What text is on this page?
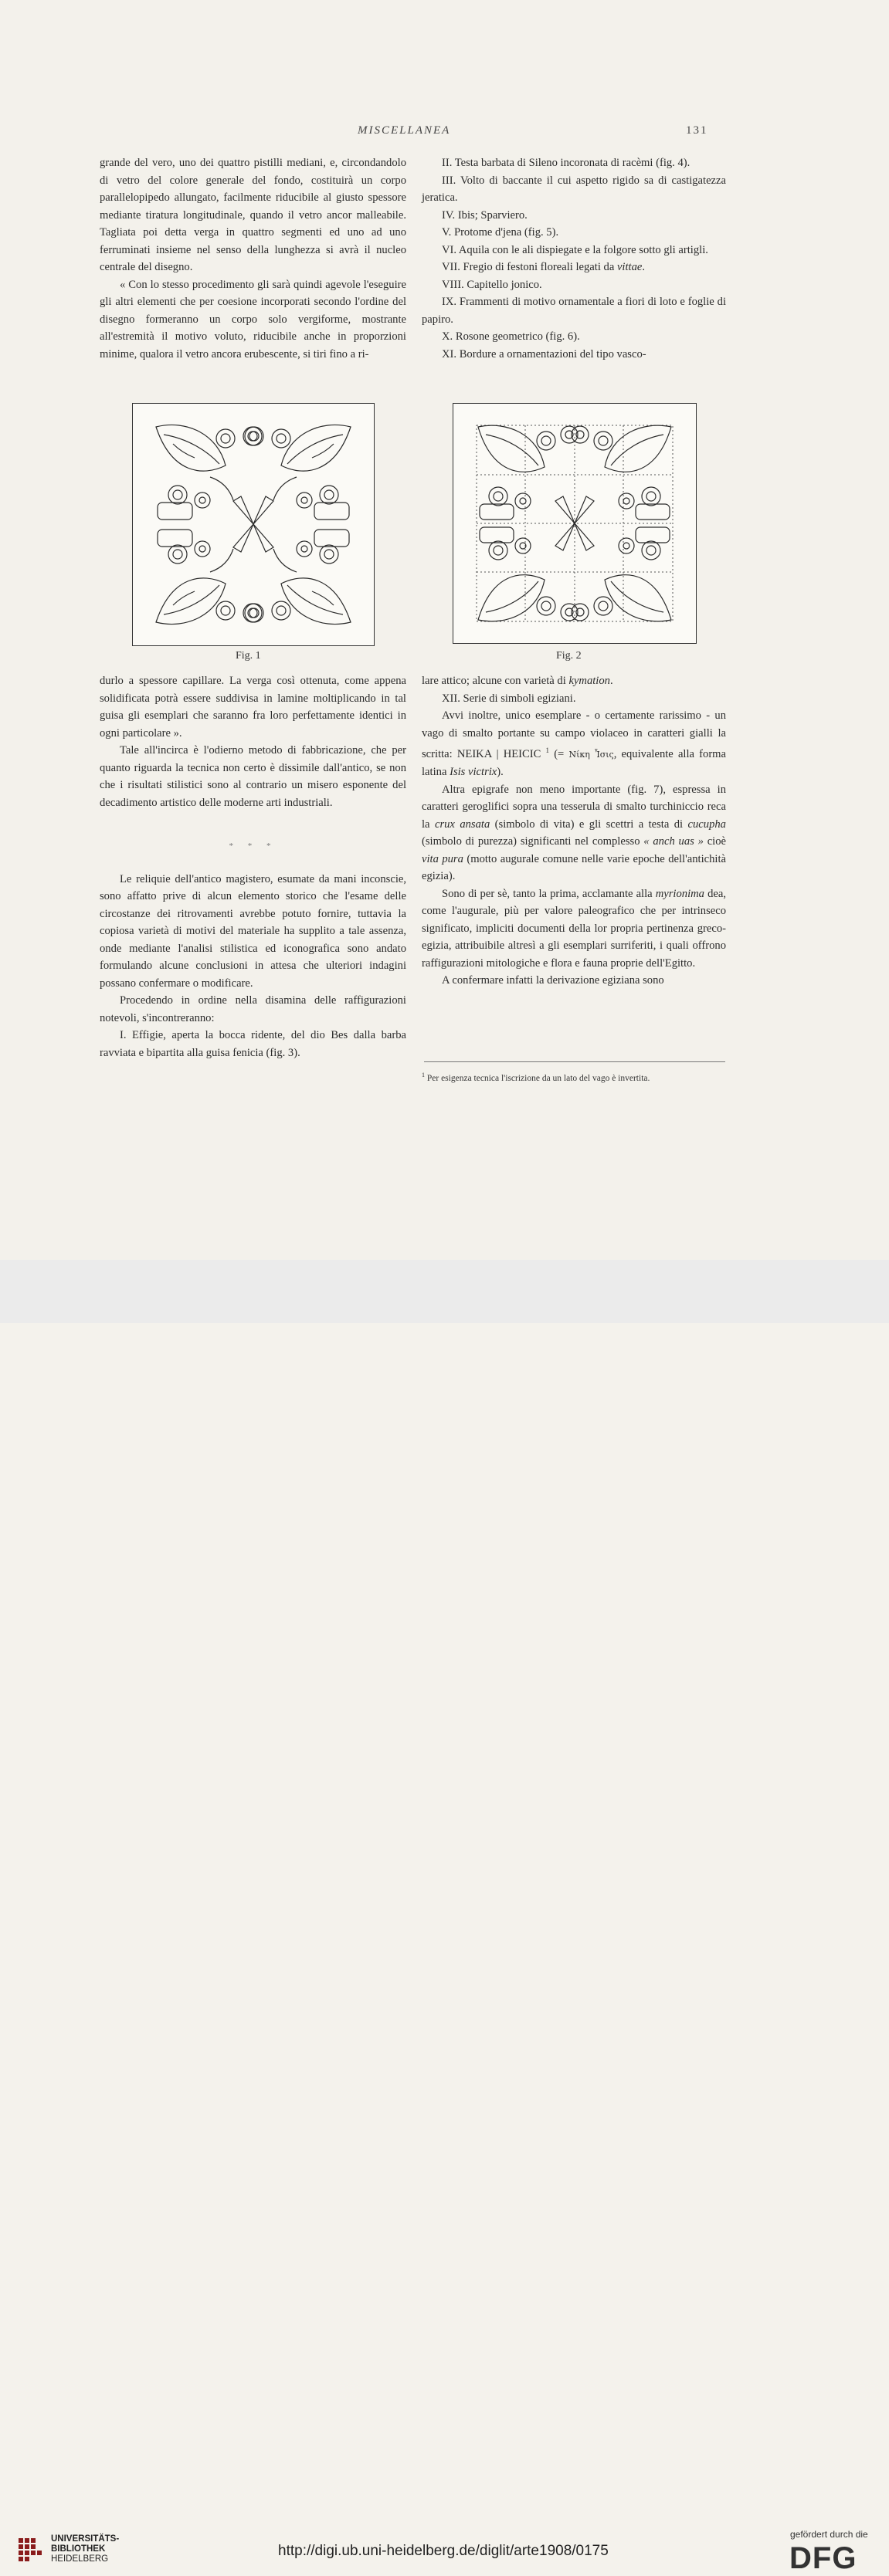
MISCELLANEA	131

grande del vero, uno dei quattro pistilli mediani, e, circondandolo di vetro del colore generale del fondo, costituirà un corpo parallelopipedo allungato, facilmente riducibile al giusto spessore mediante tiratura longitudinale, quando il vetro ancor malleabile. Tagliata poi detta verga in quattro segmenti ed uno ad uno ferruminati insieme nel senso della lunghezza si avrà il nucleo centrale del disegno.

« Con lo stesso procedimento gli sarà quindi agevole l'eseguire gli altri elementi che per coesione incorporati secondo l'ordine del disegno formeranno un corpo solo vergiforme, mostrante all'estremità il motivo voluto, riducibile anche in proporzioni minime, qualora il vetro ancora erubescente, si tiri fino a ri-

II. Testa barbata di Sileno incoronata di racèmi (fig. 4).

III. Volto di baccante il cui aspetto rigido sa di castigatezza jeratica.

IV. Ibis; Sparviero.

V. Protome d'jena (fig. 5).

VI. Aquila con le ali dispiegate e la folgore sotto gli artigli.

VII. Fregio di festoni floreali legati da vittae.

VIII. Capitello jonico.

IX. Frammenti di motivo ornamentale a fiori di loto e foglie di papiro.

X. Rosone geometrico (fig. 6).

XI. Bordure a ornamentazioni del tipo vasco-

Fig. 1	Fig. 2

durlo a spessore capillare. La verga così ottenuta, come appena solidificata potrà essere suddivisa in lamine moltiplicando in tal guisa gli esemplari che saranno fra loro perfettamente identici in ogni particolare ».

Tale all'incirca è l'odierno metodo di fabbricazione, che per quanto riguarda la tecnica non certo è dissimile dall'antico, se non che i risultati stilistici sono al contrario un misero esponente del decadimento artistico delle moderne arti industriali.

* * *

Le reliquie dell'antico magistero, esumate da mani inconscie, sono affatto prive di alcun elemento storico che l'esame delle circostanze dei ritrovamenti avrebbe potuto fornire, tuttavia la copiosa varietà di motivi del materiale ha supplito a tale assenza, onde mediante l'analisi stilistica ed iconografica sono andato formulando alcune conclusioni in attesa che ulteriori indagini possano confermare o modificare.

Procedendo in ordine nella disamina delle raffigurazioni notevoli, s'incontreranno:

I. Effigie, aperta la bocca ridente, del dio Bes dalla barba ravviata e bipartita alla guisa fenicia (fig. 3).

lare attico; alcune con varietà di kymation.

XII. Serie di simboli egiziani.

Avvi inoltre, unico esemplare - o certamente rarissimo - un vago di smalto portante su campo violaceo in caratteri gialli la scritta: NEIKA | HEICIC $^1$ (= Νίκη Ἶσις, equivalente alla forma latina Isis victrix).

Altra epigrafe non meno importante (fig. 7), espressa in caratteri geroglifici sopra una tesserula di smalto turchiniccio reca la crux ansata (simbolo di vita) e gli scettri a testa di cucupha (simbolo di purezza) significanti nel complesso « anch uas » cioè vita pura (motto augurale comune nelle varie epoche dell'antichità egizia).

Sono di per sè, tanto la prima, acclamante alla myrionima dea, come l'augurale, più per valore paleografico che per intrinseco significato, impliciti documenti della lor propria pertinenza greco-egizia, attribuibile altresì a gli esemplari surriferiti, i quali offrono raffigurazioni mitologiche e flora e fauna proprie dell'Egitto.

A confermare infatti la derivazione egiziana sono

$^1$ Per esigenza tecnica l'iscrizione da un lato del vago è invertita.
UNIVERSITÄTS-
BIBLIOTHEK
HEIDELBERG	http://digi.ub.uni-heidelberg.de/diglit/arte1908/0175
gefördert durch die
DFG
